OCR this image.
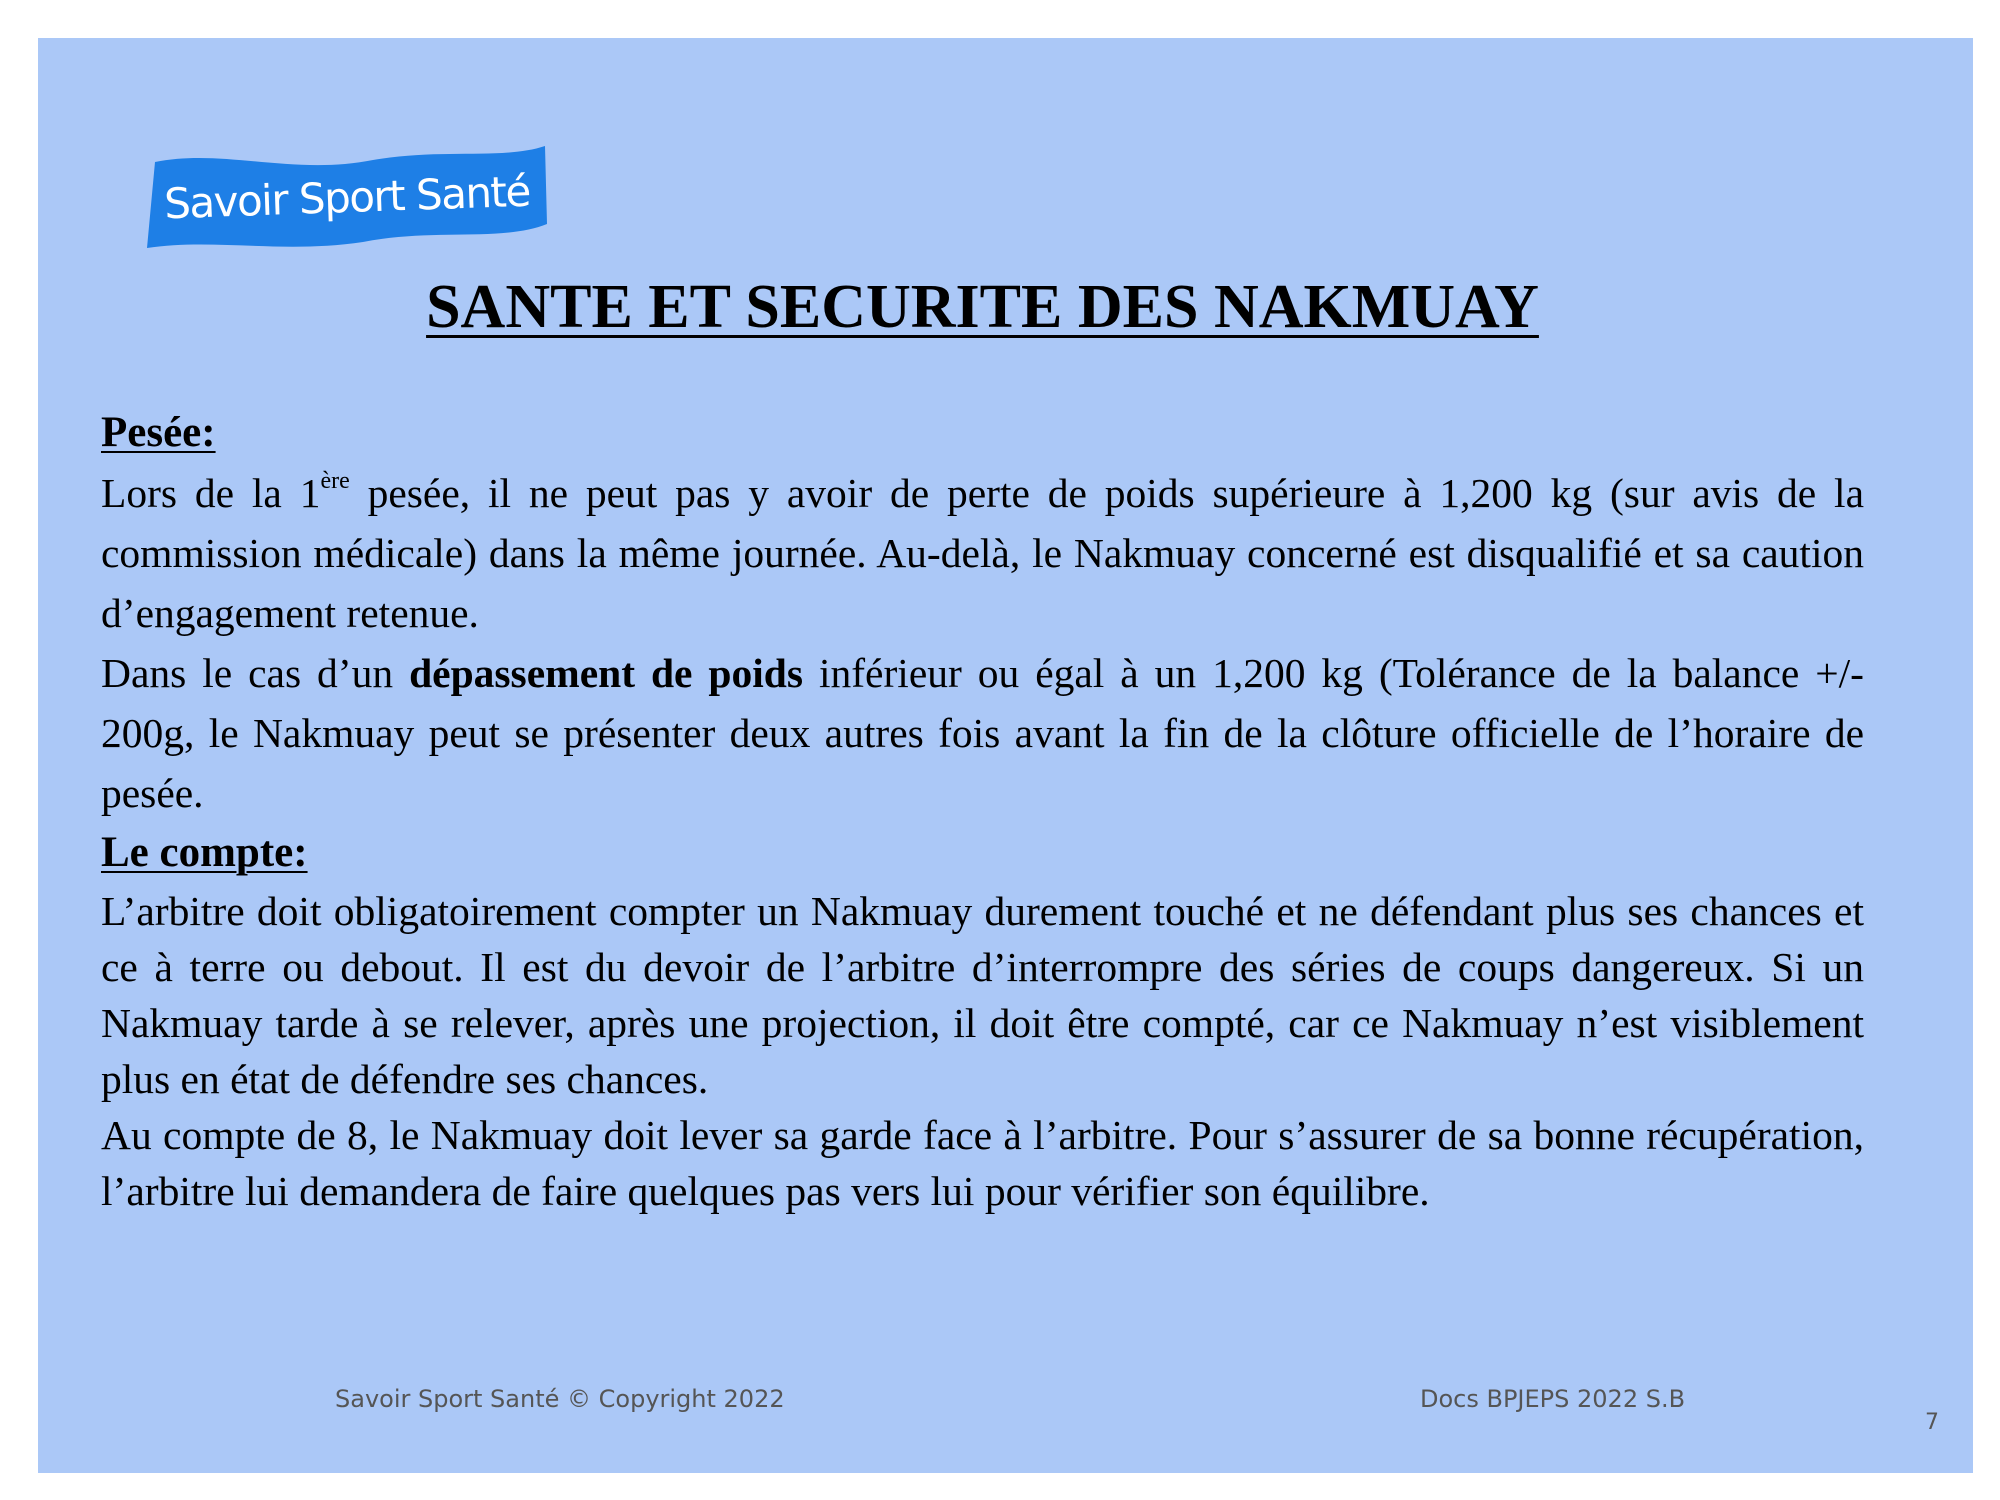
Savoir Sport Santé
SANTE ET SECURITE DES NAKMUAY
Pesée:

Lors de la 1ère pesée, il ne peut pas y avoir de perte de poids supérieure à 1,200 kg (sur avis de la commission médicale) dans la même journée. Au-delà, le Nakmuay concerné est disqualifié et sa caution d’engagement retenue.

Dans le cas d’un dépassement de poids inférieur ou égal à un 1,200 kg (Tolérance de la balance +/- 200g, le Nakmuay peut se présenter deux autres fois avant la fin de la clôture officielle de l’horaire de pesée.

Le compte:

L’arbitre doit obligatoirement compter un Nakmuay durement touché et ne défendant plus ses chances et ce à terre ou debout. Il est du devoir de l’arbitre d’interrompre des séries de coups dangereux. Si un Nakmuay tarde à se relever, après une projection, il doit être compté, car ce Nakmuay n’est visiblement plus en état de défendre ses chances.

Au compte de 8, le Nakmuay doit lever sa garde face à l’arbitre. Pour s’assurer de sa bonne récupération, l’arbitre lui demandera de faire quelques pas vers lui pour vérifier son équilibre.

Savoir Sport Santé © Copyright 2022	Docs BPJEPS 2022 S.B
7
